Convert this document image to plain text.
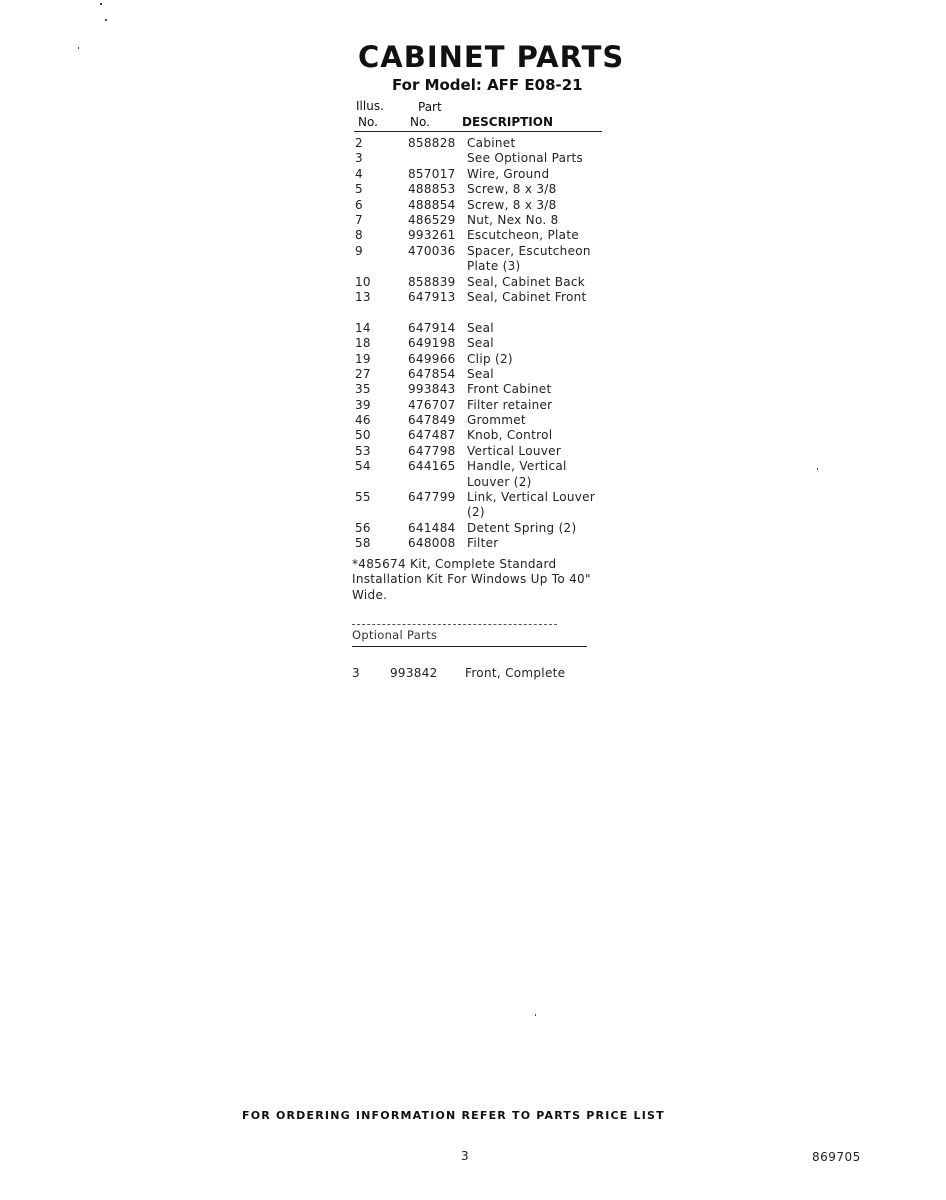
CABINET PARTS
For Model: AFF E08-21
Illus.	Part
No.	No.	DESCRIPTION
2	858828 Cabinet
3	See Optional Parts
4	857017 Wire, Ground
5	488853 Screw, 8 x 3/8
6	488854 Screw, 8 x 3/8
7	486529 Nut, Nex No. 8
8	993261 Escutcheon, Plate
9	470036 Spacer, Escutcheon Plate (3)
10	858839 Seal, Cabinet Back
13	647913 Seal, Cabinet Front
14	647914 Seal
18	649198 Seal
19	649966 Clip (2)
27	647854 Seal
35	993843 Front Cabinet
39	476707 Filter retainer
46	647849 Grommet
50	647487 Knob, Control
53	647798 Vertical Louver
54	644165 Handle, Vertical Louver (2)
55	647799 Link, Vertical Louver (2)
56	641484 Detent Spring (2)
58	648008 Filter
*485674 Kit, Complete Standard Installation Kit For Windows Up To 40" Wide.
Optional Parts
3	993842 Front, Complete
FOR ORDERING INFORMATION REFER TO PARTS PRICE LIST
3	869705
